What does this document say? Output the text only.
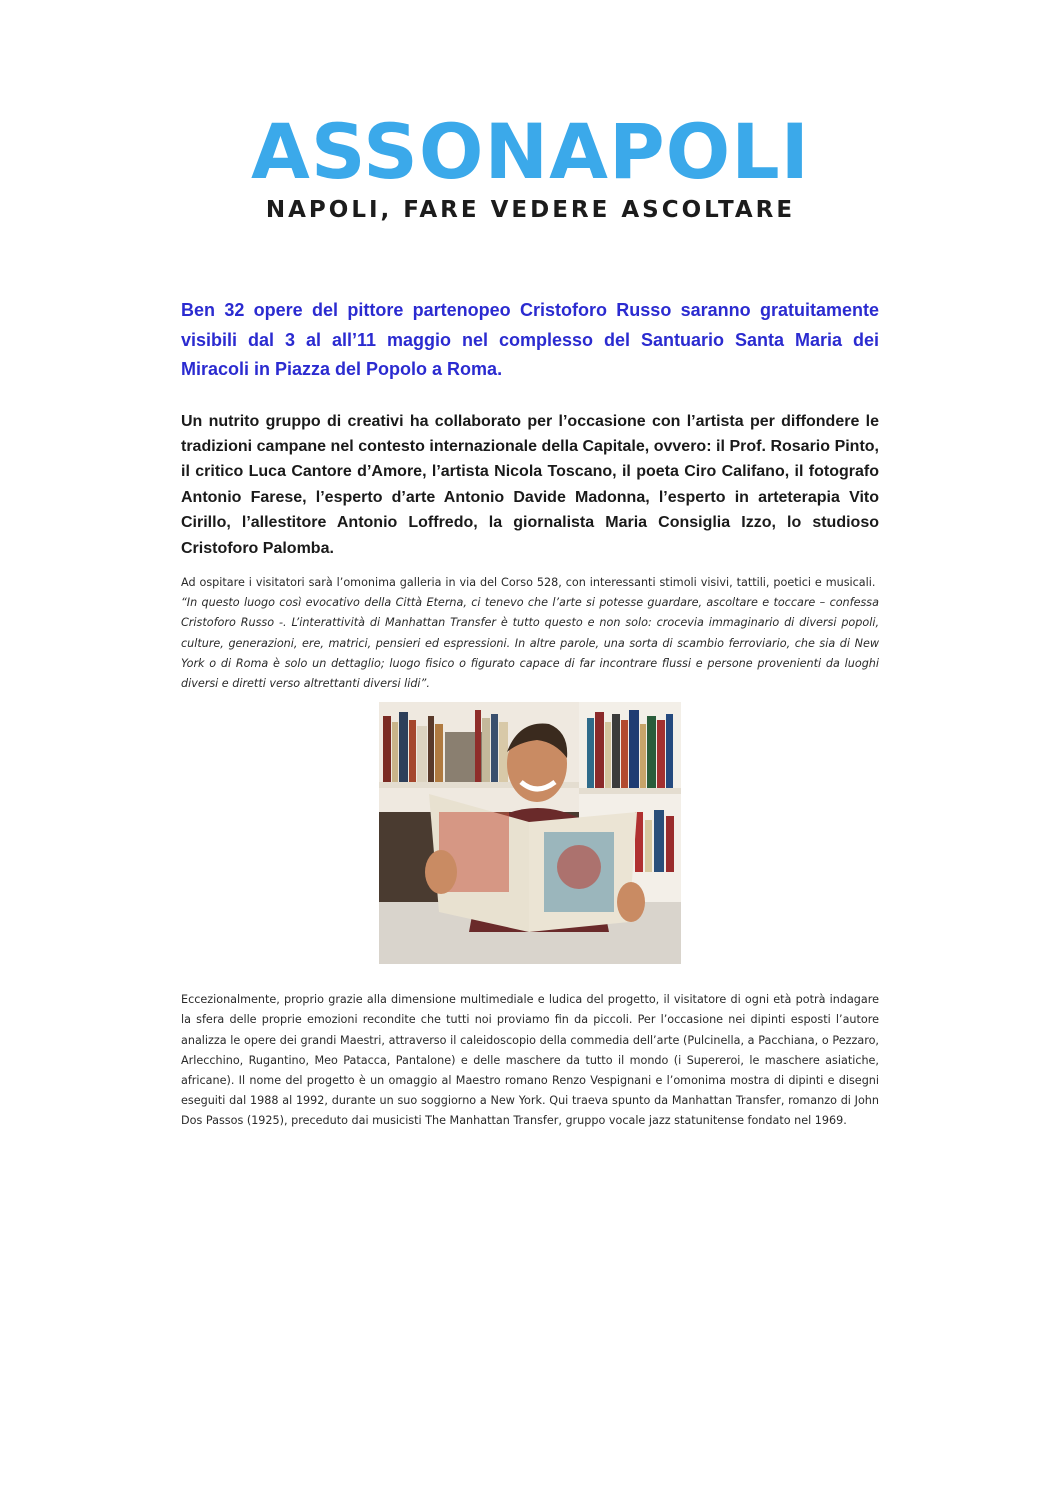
ASSONAPOLI
NAPOLI, FARE VEDERE ASCOLTARE

Ben 32 opere del pittore partenopeo Cristoforo Russo saranno gratuitamente visibili dal 3 al all’11 maggio nel complesso del Santuario Santa Maria dei Miracoli in Piazza del Popolo a Roma.

Un nutrito gruppo di creativi ha collaborato per l’occasione con l’artista per diffondere le tradizioni campane nel contesto internazionale della Capitale, ovvero: il Prof. Rosario Pinto, il critico Luca Cantore d’Amore, l’artista Nicola Toscano, il poeta Ciro Califano, il fotografo Antonio Farese, l’esperto d’arte Antonio Davide Madonna, l’esperto in arteterapia Vito Cirillo, l’allestitore Antonio Loffredo, la giornalista Maria Consiglia Izzo, lo studioso Cristoforo Palomba.

Ad ospitare i visitatori sarà l’omonima galleria in via del Corso 528, con interessanti stimoli visivi, tattili, poetici e musicali.  “In questo luogo così evocativo della Città Eterna, ci tenevo che l’arte si potesse guardare, ascoltare e toccare – confessa Cristoforo Russo -. L’interattività di Manhattan Transfer è tutto questo e non solo: crocevia immaginario di diversi popoli, culture, generazioni, ere, matrici, pensieri ed espressioni. In altre parole, una sorta di scambio ferroviario, che sia di New York o di Roma è solo un dettaglio; luogo fisico o figurato capace di far incontrare flussi e persone provenienti da luoghi diversi e diretti verso altrettanti diversi lidi”.

Eccezionalmente, proprio grazie alla dimensione multimediale e ludica del progetto, il visitatore di ogni età potrà indagare la sfera delle proprie emozioni recondite che tutti noi proviamo fin da piccoli. Per l’occasione nei dipinti esposti l’autore analizza le opere dei grandi Maestri, attraverso il caleidoscopio della commedia dell’arte (Pulcinella, a Pacchiana, o Pezzaro, Arlecchino, Rugantino, Meo Patacca, Pantalone) e delle maschere da tutto il mondo (i Supereroi, le maschere asiatiche, africane). Il nome del progetto è un omaggio al Maestro romano Renzo Vespignani e l’omonima mostra di dipinti e disegni eseguiti dal 1988 al 1992, durante un suo soggiorno a New York. Qui traeva spunto da Manhattan Transfer, romanzo di John Dos Passos (1925), preceduto dai musicisti The Manhattan Transfer, gruppo vocale jazz statunitense fondato nel 1969.
